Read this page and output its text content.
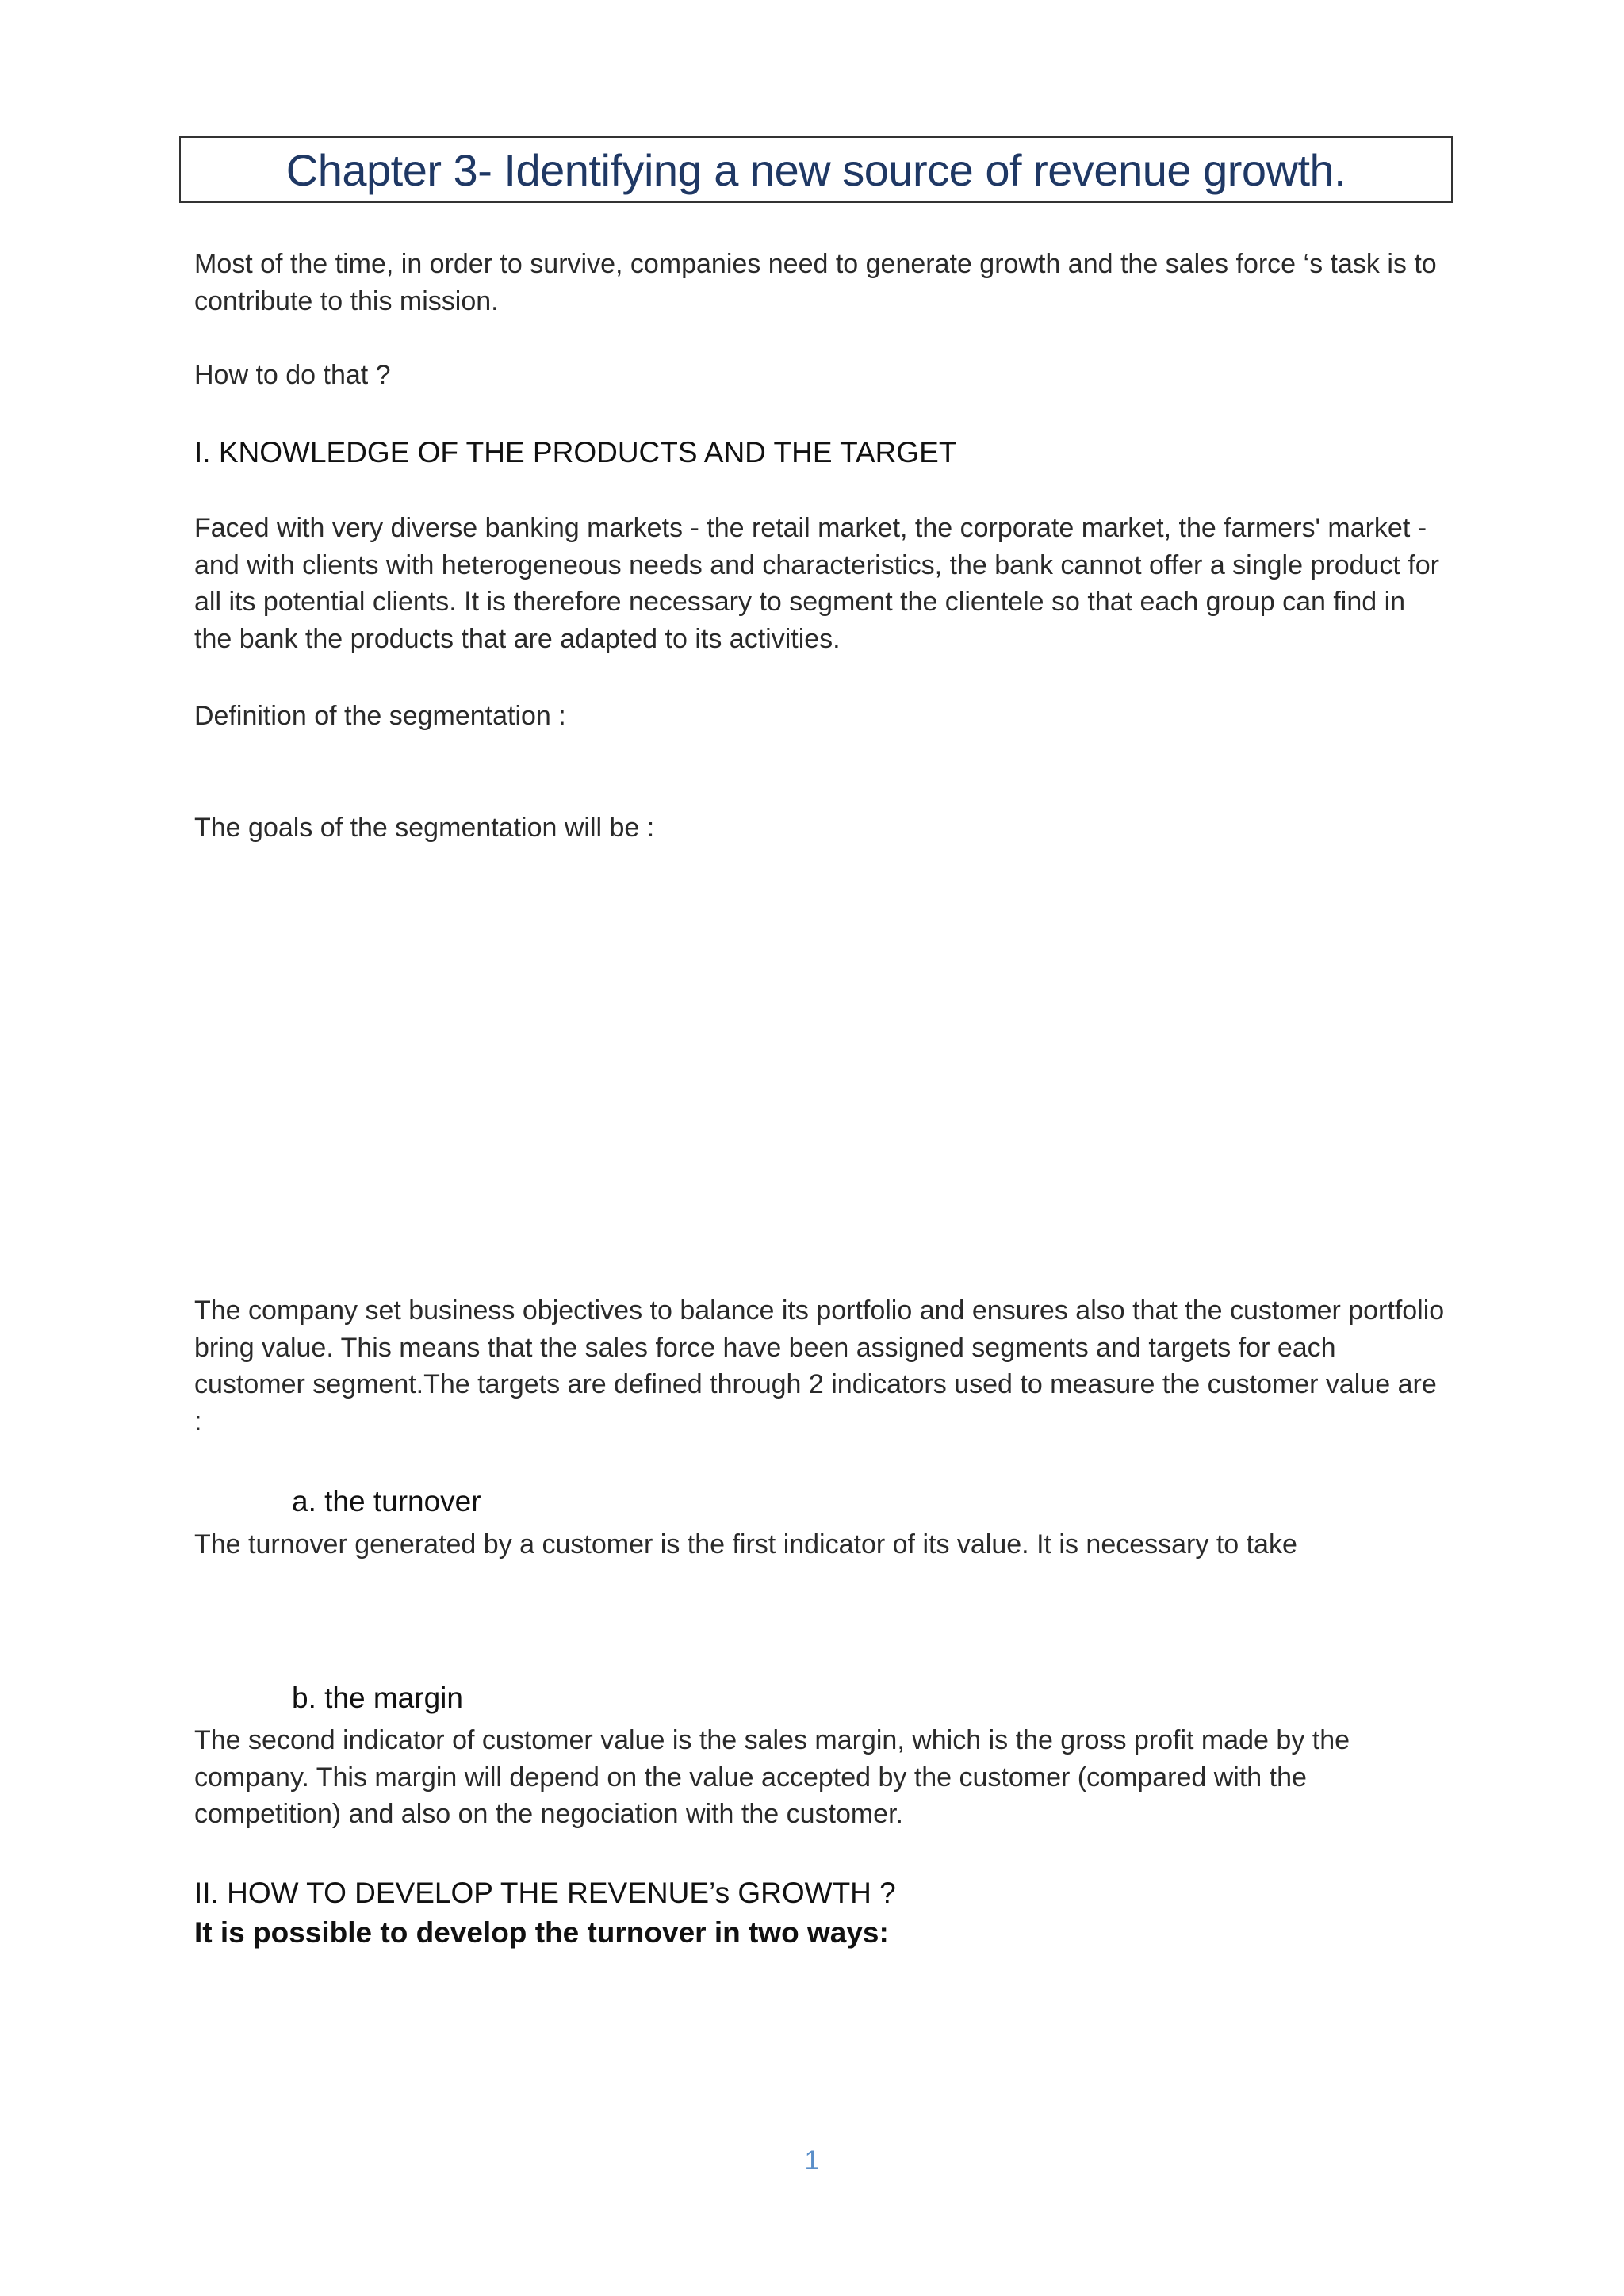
Chapter 3- Identifying a new source of revenue growth.

Most of the time, in order to survive, companies need to generate growth and the sales force ‘s task is to contribute to this mission.

How to do that ?

I. KNOWLEDGE OF THE PRODUCTS AND THE TARGET

Faced with very diverse banking markets - the retail market, the corporate market, the farmers' market - and with clients with heterogeneous needs and characteristics, the bank cannot offer a single product for all its potential clients. It is therefore necessary to segment the clientele so that each group can find in the bank the products that are adapted to its activities.

Definition of the segmentation :

The goals of the segmentation will be :

The company set business objectives to balance its portfolio and ensures also that the customer portfolio bring value. This means that the sales force have been assigned segments and targets for each customer segment.The targets are defined through 2 indicators used to measure the customer value are :

a. the turnover

The turnover generated by a customer is the first indicator of its value. It is necessary to take

b. the margin

The second indicator of customer value is the sales margin, which is the gross profit made by the company. This margin will depend on the value accepted by the customer (compared with the competition) and also on the negociation with the customer.

II. HOW TO DEVELOP THE REVENUE’s GROWTH ?

It is possible to develop the turnover in two ways:

1
